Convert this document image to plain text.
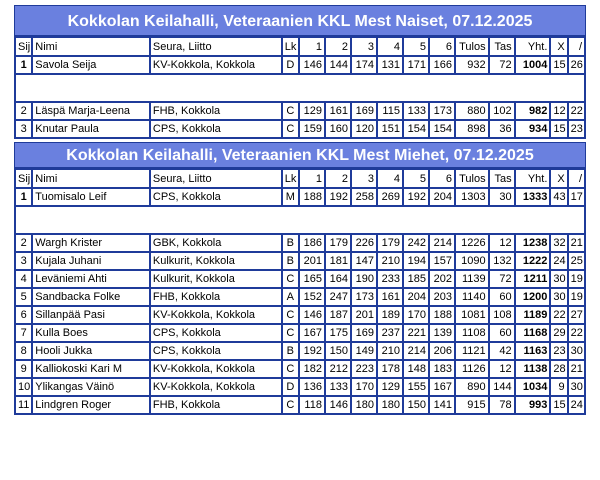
Kokkolan Keilahalli, Veteraanien KKL Mest Naiset, 07.12.2025
Sij	Nimi	Seura, Liitto	Lk	1	2	3	4	5	6	Tulos	Tas	Yht.	X	/
1	Savola Seija	KV-Kokkola, Kokkola	D	146	144	174	131	171	166	932	72	1004	15	26

2	Läspä Marja-Leena	FHB, Kokkola	C	129	161	169	115	133	173	880	102	982	12	22
3	Knutar Paula	CPS, Kokkola	C	159	160	120	151	154	154	898	36	934	15	23
Kokkolan Keilahalli, Veteraanien KKL Mest Miehet, 07.12.2025
Sij	Nimi	Seura, Liitto	Lk	1	2	3	4	5	6	Tulos	Tas	Yht.	X	/
1	Tuomisalo Leif	CPS, Kokkola	M	188	192	258	269	192	204	1303	30	1333	43	17

2	Wargh Krister	GBK, Kokkola	B	186	179	226	179	242	214	1226	12	1238	32	21
3	Kujala Juhani	Kulkurit, Kokkola	B	201	181	147	210	194	157	1090	132	1222	24	25
4	Leväniemi Ahti	Kulkurit, Kokkola	C	165	164	190	233	185	202	1139	72	1211	30	19
5	Sandbacka Folke	FHB, Kokkola	A	152	247	173	161	204	203	1140	60	1200	30	19
6	Sillanpää Pasi	KV-Kokkola, Kokkola	C	146	187	201	189	170	188	1081	108	1189	22	27
7	Kulla Boes	CPS, Kokkola	C	167	175	169	237	221	139	1108	60	1168	29	22
8	Hooli Jukka	CPS, Kokkola	B	192	150	149	210	214	206	1121	42	1163	23	30
9	Kalliokoski Kari M	KV-Kokkola, Kokkola	C	182	212	223	178	148	183	1126	12	1138	28	21
10	Ylikangas Väinö	KV-Kokkola, Kokkola	D	136	133	170	129	155	167	890	144	1034	9	30
11	Lindgren Roger	FHB, Kokkola	C	118	146	180	180	150	141	915	78	993	15	24
